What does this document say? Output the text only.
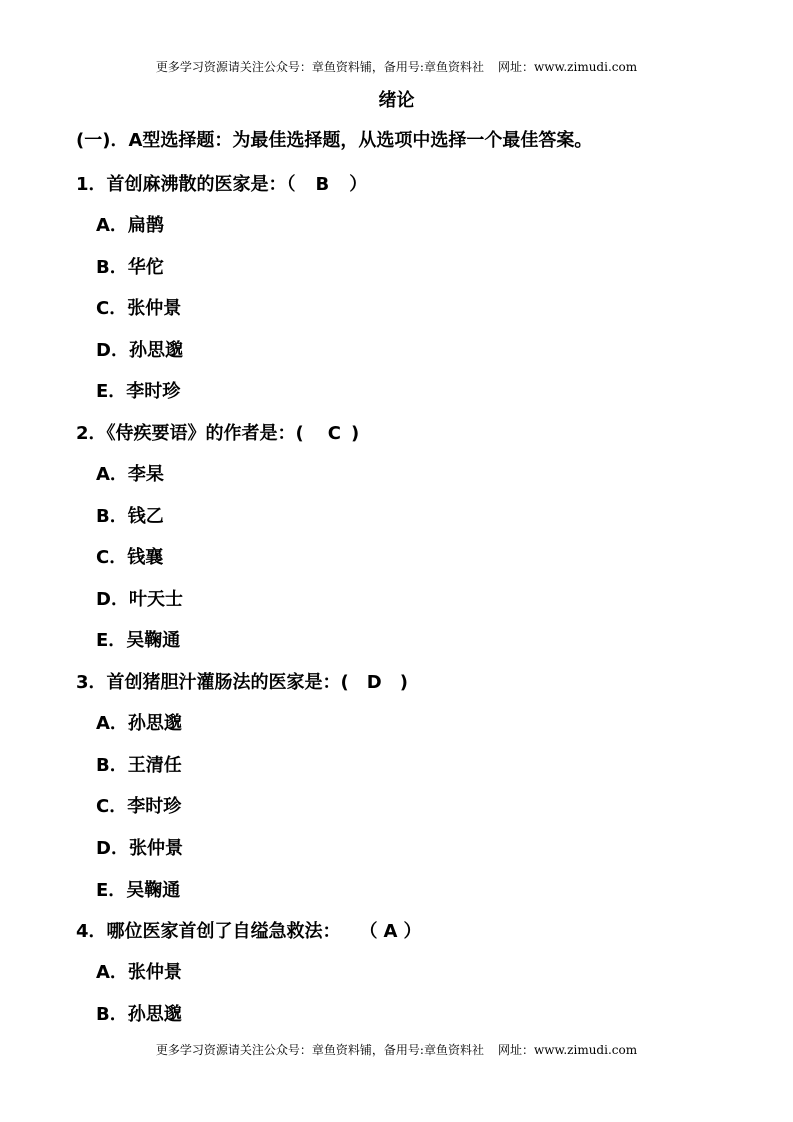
更多学习资源请关注公众号：章鱼资料铺，备用号:章鱼资料社 网址：www.zimudi.com
绪论
(一)．A型选择题：为最佳选择题，从选项中选择一个最佳答案。
1．首创麻沸散的医家是：（ B ）
A．扁鹊
B．华佗
C．张仲景
D．孙思邈
E．李时珍
2．《侍疾要语》的作者是：( C )
A．李杲
B．钱乙
C．钱襄
D．叶天士
E．吴鞠通
3．首创猪胆汁灌肠法的医家是：( D )
A．孙思邈
B．王清任
C．李时珍
D．张仲景
E．吴鞠通
4．哪位医家首创了自缢急救法： （ A ）
A．张仲景
B．孙思邈
更多学习资源请关注公众号：章鱼资料铺，备用号:章鱼资料社 网址：www.zimudi.com
